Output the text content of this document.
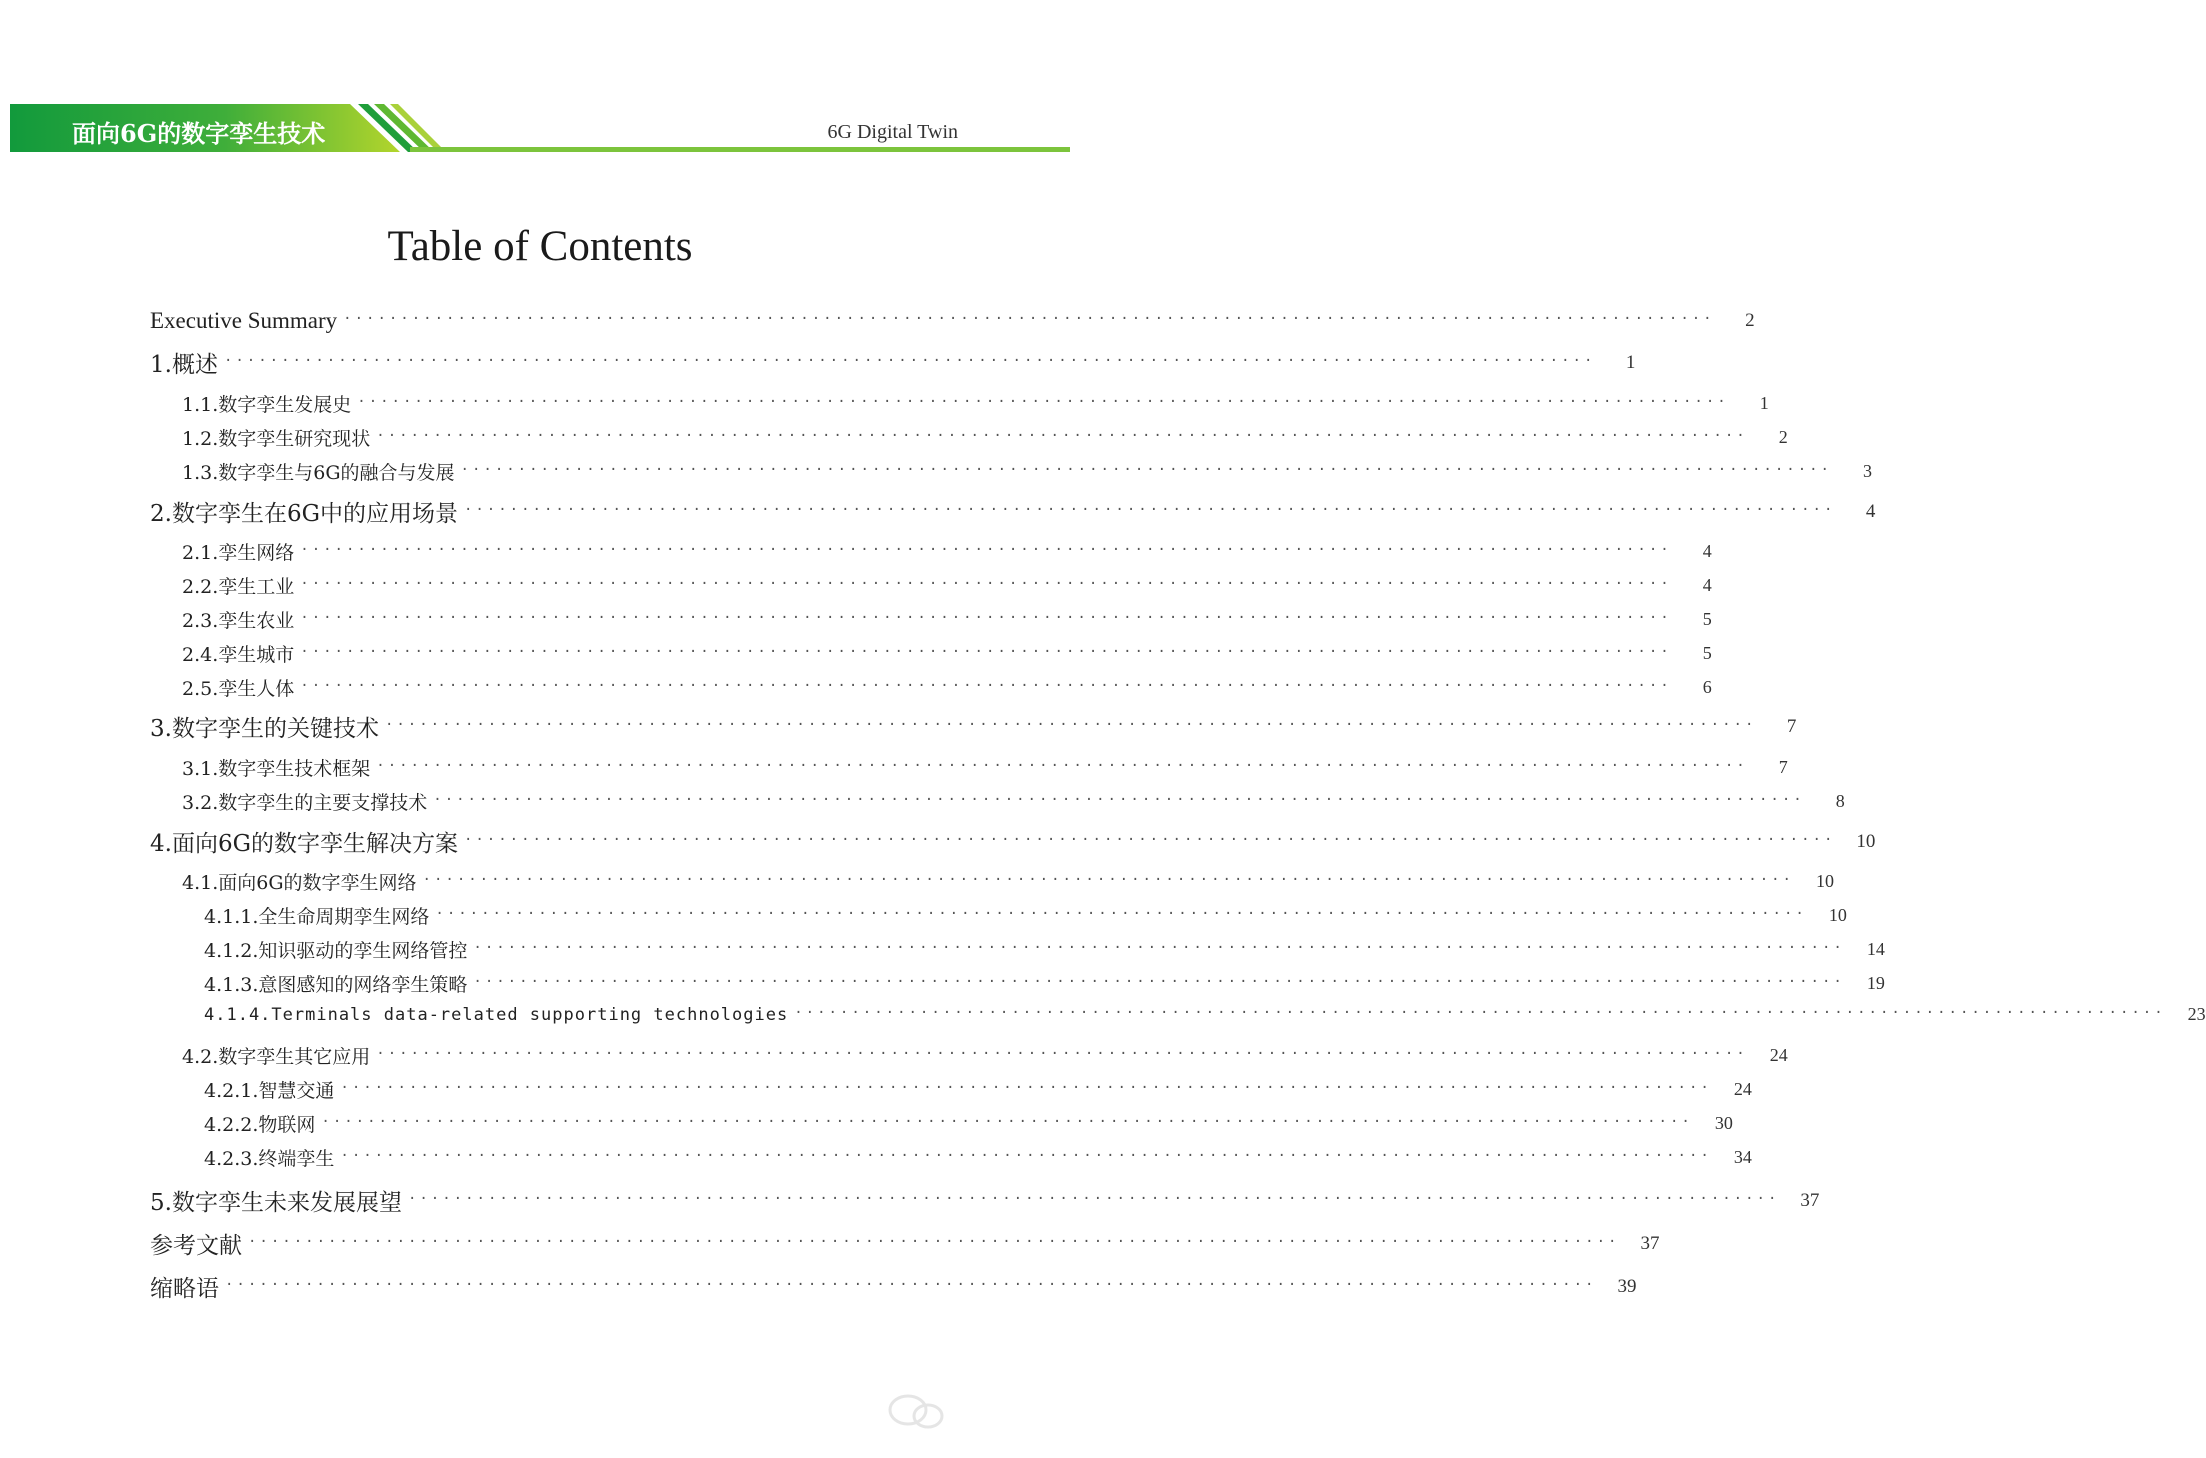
面向6G的数字孪生技术	6G Digital Twin
Table of Contents
Executive Summary ························································································································	2
1.概述 ························································································································	1
1.1.数字孪生发展史 ························································································································	1
1.2.数字孪生研究现状 ························································································································	2
1.3.数字孪生与6G的融合与发展 ························································································································	3
2.数字孪生在6G中的应用场景 ························································································································	4
2.1.孪生网络 ························································································································	4
2.2.孪生工业 ························································································································	4
2.3.孪生农业 ························································································································	5
2.4.孪生城市 ························································································································	5
2.5.孪生人体 ························································································································	6
3.数字孪生的关键技术 ························································································································	7
3.1.数字孪生技术框架 ························································································································	7
3.2.数字孪生的主要支撑技术 ························································································································	8
4.面向6G的数字孪生解决方案 ························································································································	10
4.1.面向6G的数字孪生网络 ························································································································	10
4.1.1.全生命周期孪生网络 ························································································································	10
4.1.2.知识驱动的孪生网络管控 ························································································································	14
4.1.3.意图感知的网络孪生策略 ························································································································	19
4.1.4.Terminals data-related supporting technologies ························································································································	23
4.2.数字孪生其它应用 ························································································································	24
4.2.1.智慧交通 ························································································································	24
4.2.2.物联网 ························································································································	30
4.2.3.终端孪生 ························································································································	34
5.数字孪生未来发展展望 ························································································································	37
参考文献 ························································································································	37
缩略语 ························································································································	39
